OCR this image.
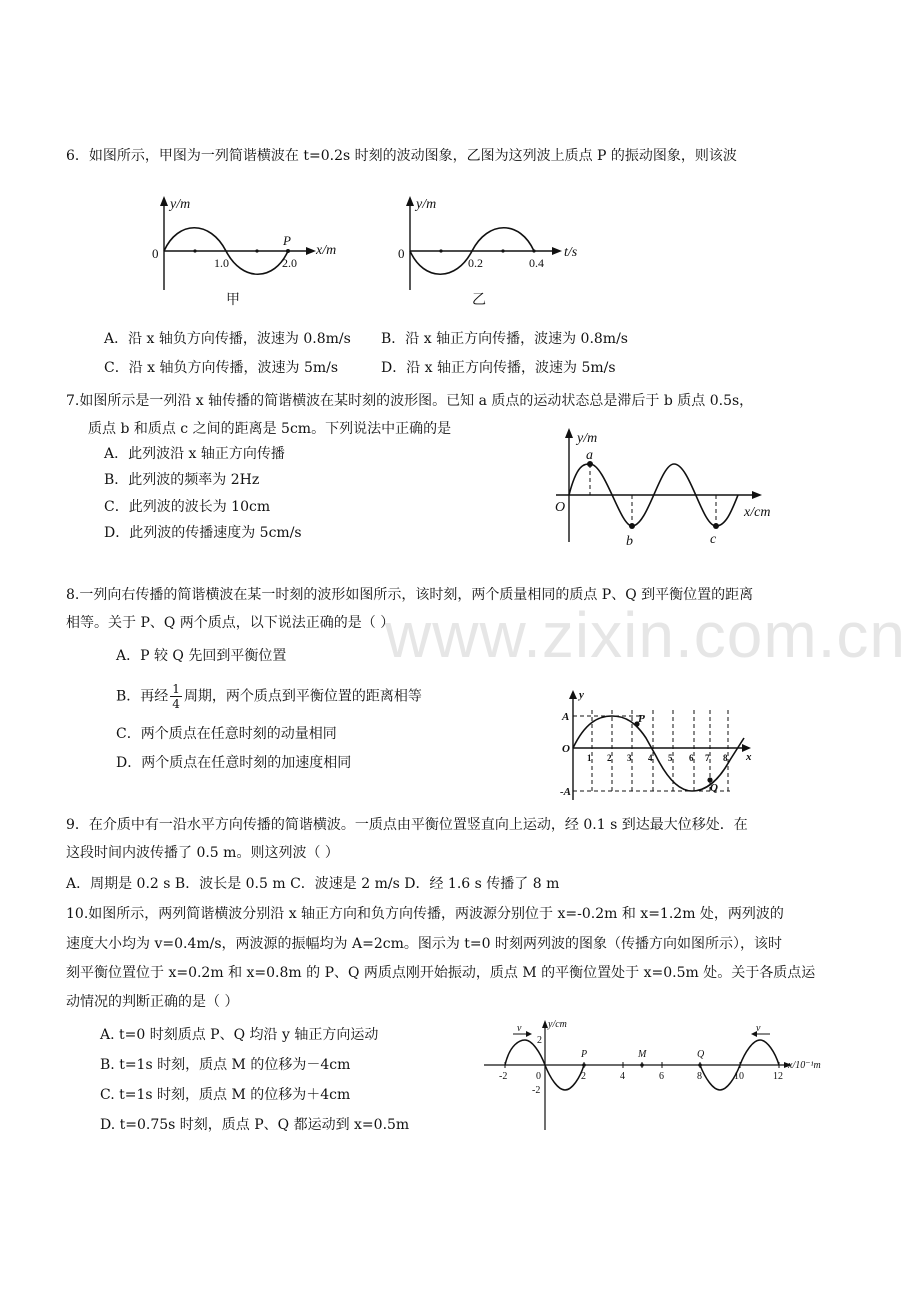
www.zixin.com.cn
6．如图所示，甲图为一列简谐横波在 t=0.2s 时刻的波动图象，乙图为这列波上质点 P 的振动图象，则该波
y/m
0
1.0	2.0
P
x/m
甲
y/m
0
0.2	0.4
t/s
乙
A．沿 x 轴负方向传播，波速为 0.8m/s B．沿 x 轴正方向传播，波速为 0.8m/s
C．沿 x 轴负方向传播，波速为 5m/s	D．沿 x 轴正方向传播，波速为 5m/s
7.如图所示是一列沿 x 轴传播的简谐横波在某时刻的波形图。已知 a 质点的运动状态总是滞后于 b 质点 0.5s，
质点 b 和质点 c 之间的距离是 5cm。下列说法中正确的是
A．此列波沿 x 轴正方向传播
B．此列波的频率为 2Hz
C．此列波的波长为 10cm
D．此列波的传播速度为 5cm/s
y/m
a
O	x/cm
b	c
8.一列向右传播的简谐横波在某一时刻的波形如图所示，该时刻，两个质量相同的质点 P、Q 到平衡位置的距离
相等。关于 P、Q 两个质点，以下说法正确的是（ ）
A．P 较 Q 先回到平衡位置
B．再经 $\frac{1}{4}$ 周期，两个质点到平衡位置的距离相等
C．两个质点在任意时刻的动量相同
D．两个质点在任意时刻的加速度相同
y
A
O
-A
P
Q
x
1 2 3 4 5 6 7 8
9．在介质中有一沿水平方向传播的简谐横波。一质点由平衡位置竖直向上运动，经 0.1 s 到达最大位移处．在
这段时间内波传播了 0.5 m。则这列波（ ）
A．周期是 0.2 s B．波长是 0.5 m C．波速是 2 m/s D．经 1.6 s 传播了 8 m
10.如图所示，两列简谐横波分别沿 x 轴正方向和负方向传播，两波源分别位于 x=-0.2m 和 x=1.2m 处，两列波的
速度大小均为 v=0.4m/s，两波源的振幅均为 A=2cm。图示为 t=0 时刻两列波的图象（传播方向如图所示），该时
刻平衡位置位于 x=0.2m 和 x=0.8m 的 P、Q 两质点刚开始振动，质点 M 的平衡位置处于 x=0.5m 处。关于各质点运
动情况的判断正确的是（ ）
A. t=0 时刻质点 P、Q 均沿 y 轴正方向运动
B. t=1s 时刻，质点 M 的位移为－4cm
C. t=1s 时刻，质点 M 的位移为＋4cm
D. t=0.75s 时刻，质点 P、Q 都运动到 x=0.5m
y/cm
v	v
2
-2
0
P	M	Q
-2	2	4	6	8	10	12
x/10⁻¹m
